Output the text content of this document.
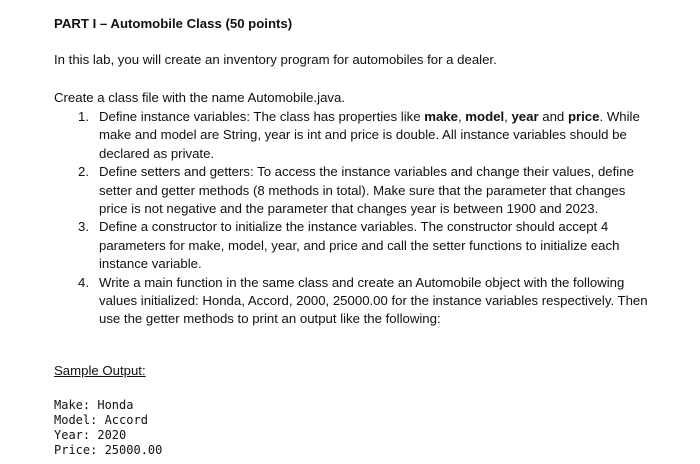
PART I – Automobile Class (50 points)
In this lab, you will create an inventory program for automobiles for a dealer.
Create a class file with the name Automobile.java.
1. Define instance variables: The class has properties like make, model, year and price. While make and model are String, year is int and price is double. All instance variables should be declared as private.
2. Define setters and getters: To access the instance variables and change their values, define setter and getter methods (8 methods in total). Make sure that the parameter that changes price is not negative and the parameter that changes year is between 1900 and 2023.
3. Define a constructor to initialize the instance variables. The constructor should accept 4 parameters for make, model, year, and price and call the setter functions to initialize each instance variable.
4. Write a main function in the same class and create an Automobile object with the following values initialized: Honda, Accord, 2000, 25000.00 for the instance variables respectively. Then use the getter methods to print an output like the following:
Sample Output:
Make: Honda
Model: Accord
Year: 2020
Price: 25000.00
